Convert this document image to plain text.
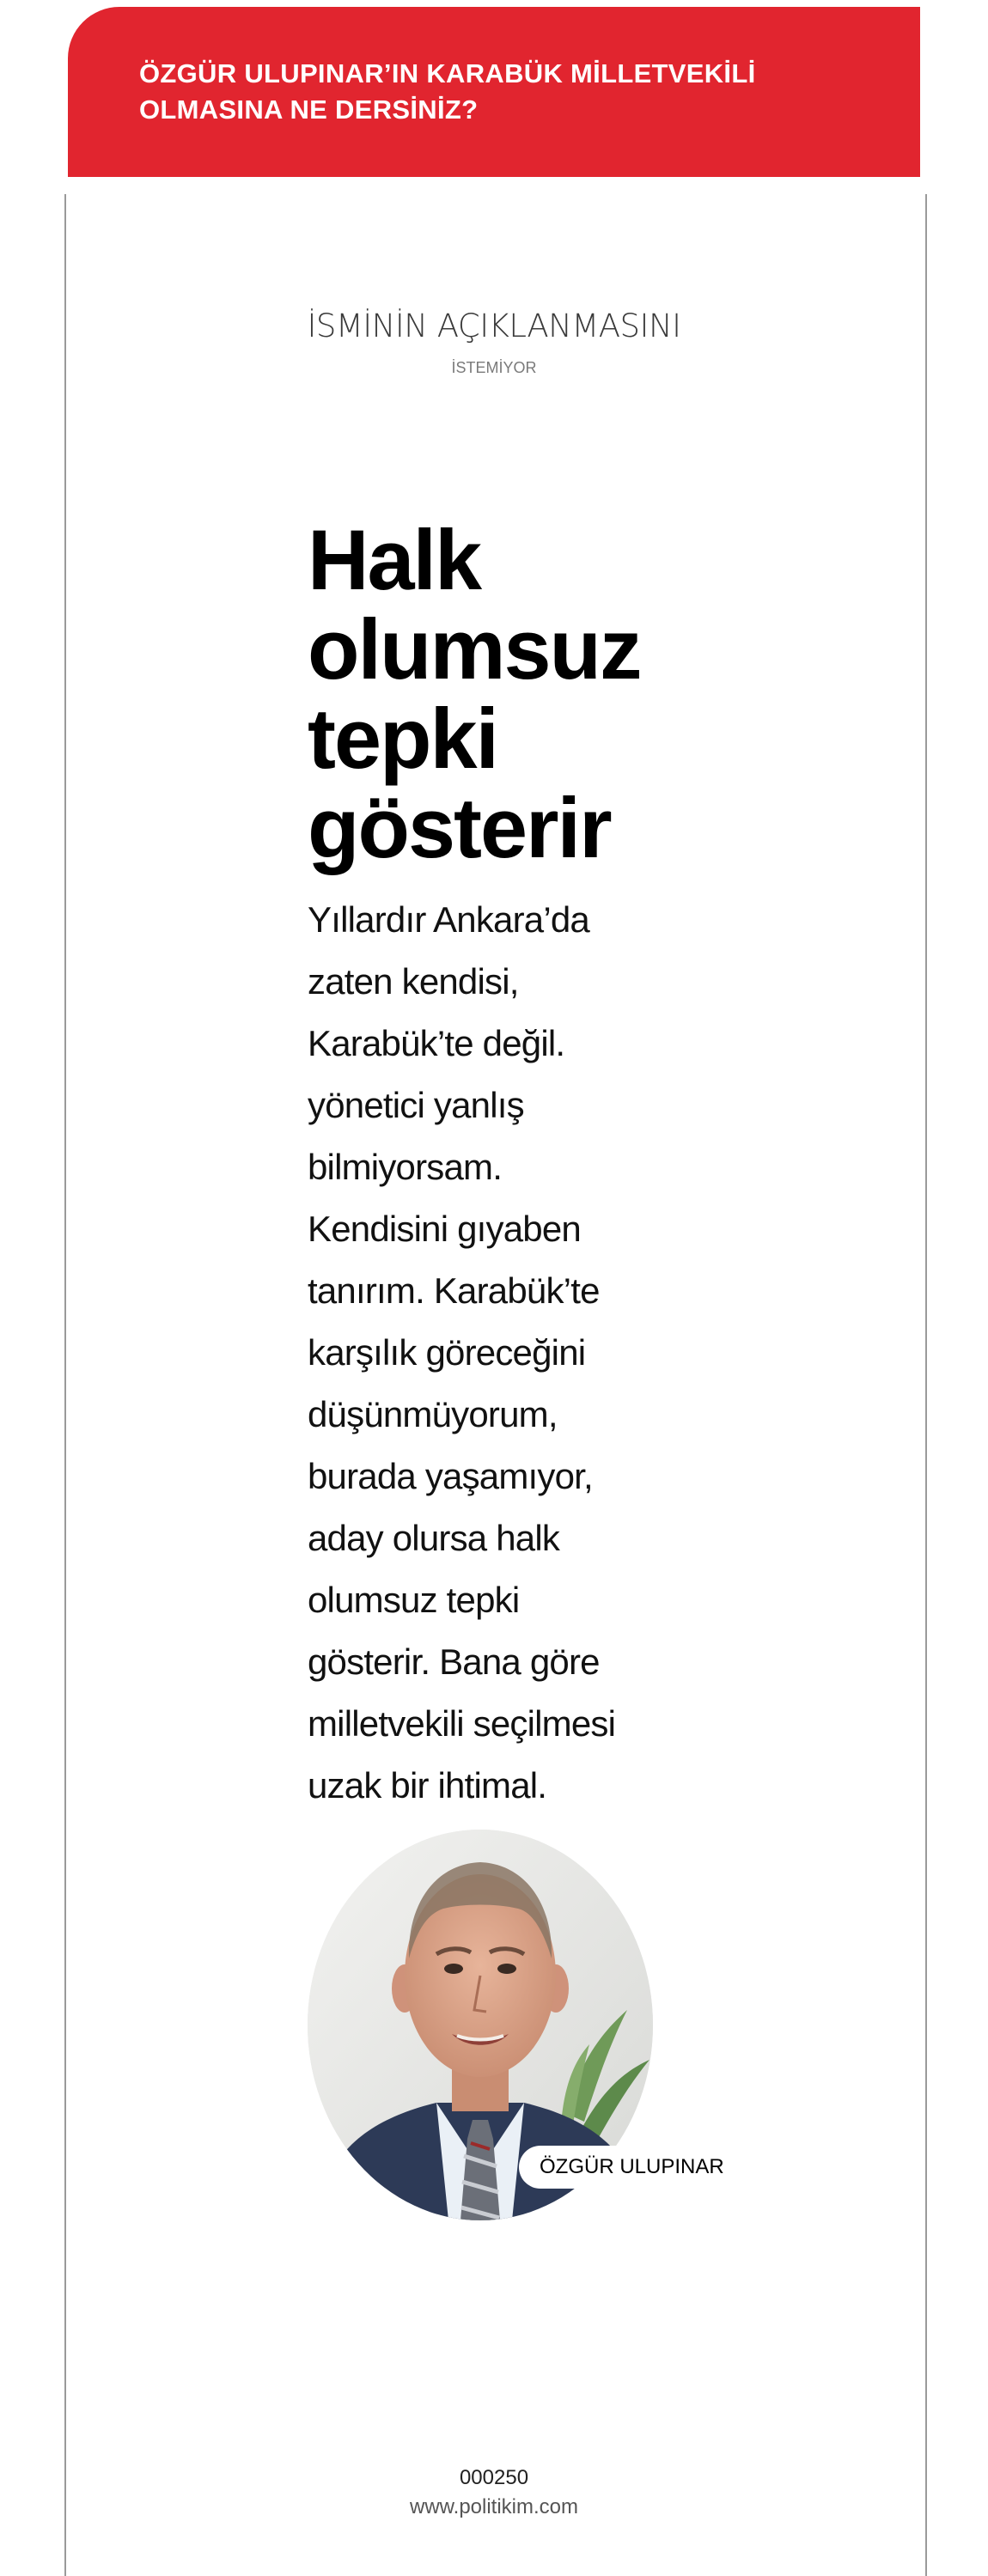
ÖZGÜR ULUPINAR’IN KARABÜK MİLLETVEKİLİ
OLMASINA NE DERSİNİZ?
İSMİNİN AÇIKLANMASINI
İSTEMİYOR
Halk
olumsuz
tepki
gösterir
Yıllardır Ankara’da
zaten kendisi,
Karabük’te değil.
yönetici yanlış
bilmiyorsam.
Kendisini gıyaben
tanırım. Karabük’te
karşılık göreceğini
düşünmüyorum,
burada yaşamıyor,
aday olursa halk
olumsuz tepki
gösterir. Bana göre
milletvekili seçilmesi
uzak bir ihtimal.
ÖZGÜR ULUPINAR
000250
www.politikim.com
